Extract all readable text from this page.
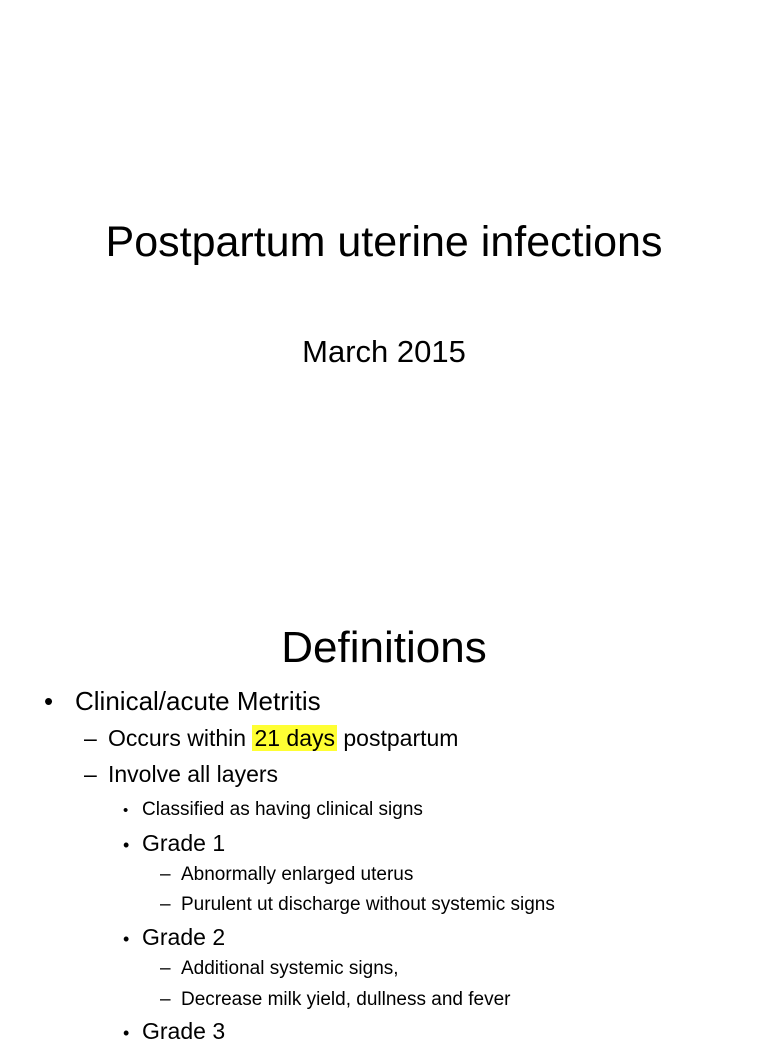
Postpartum uterine infections
March 2015
Definitions
• Clinical/acute Metritis
– Occurs within 21 days postpartum
– Involve all layers
• Classified as having clinical signs
• Grade 1
– Abnormally enlarged uterus
– Purulent ut discharge without systemic signs
• Grade 2
– Additional systemic signs,
– Decrease milk yield, dullness and fever
• Grade 3
